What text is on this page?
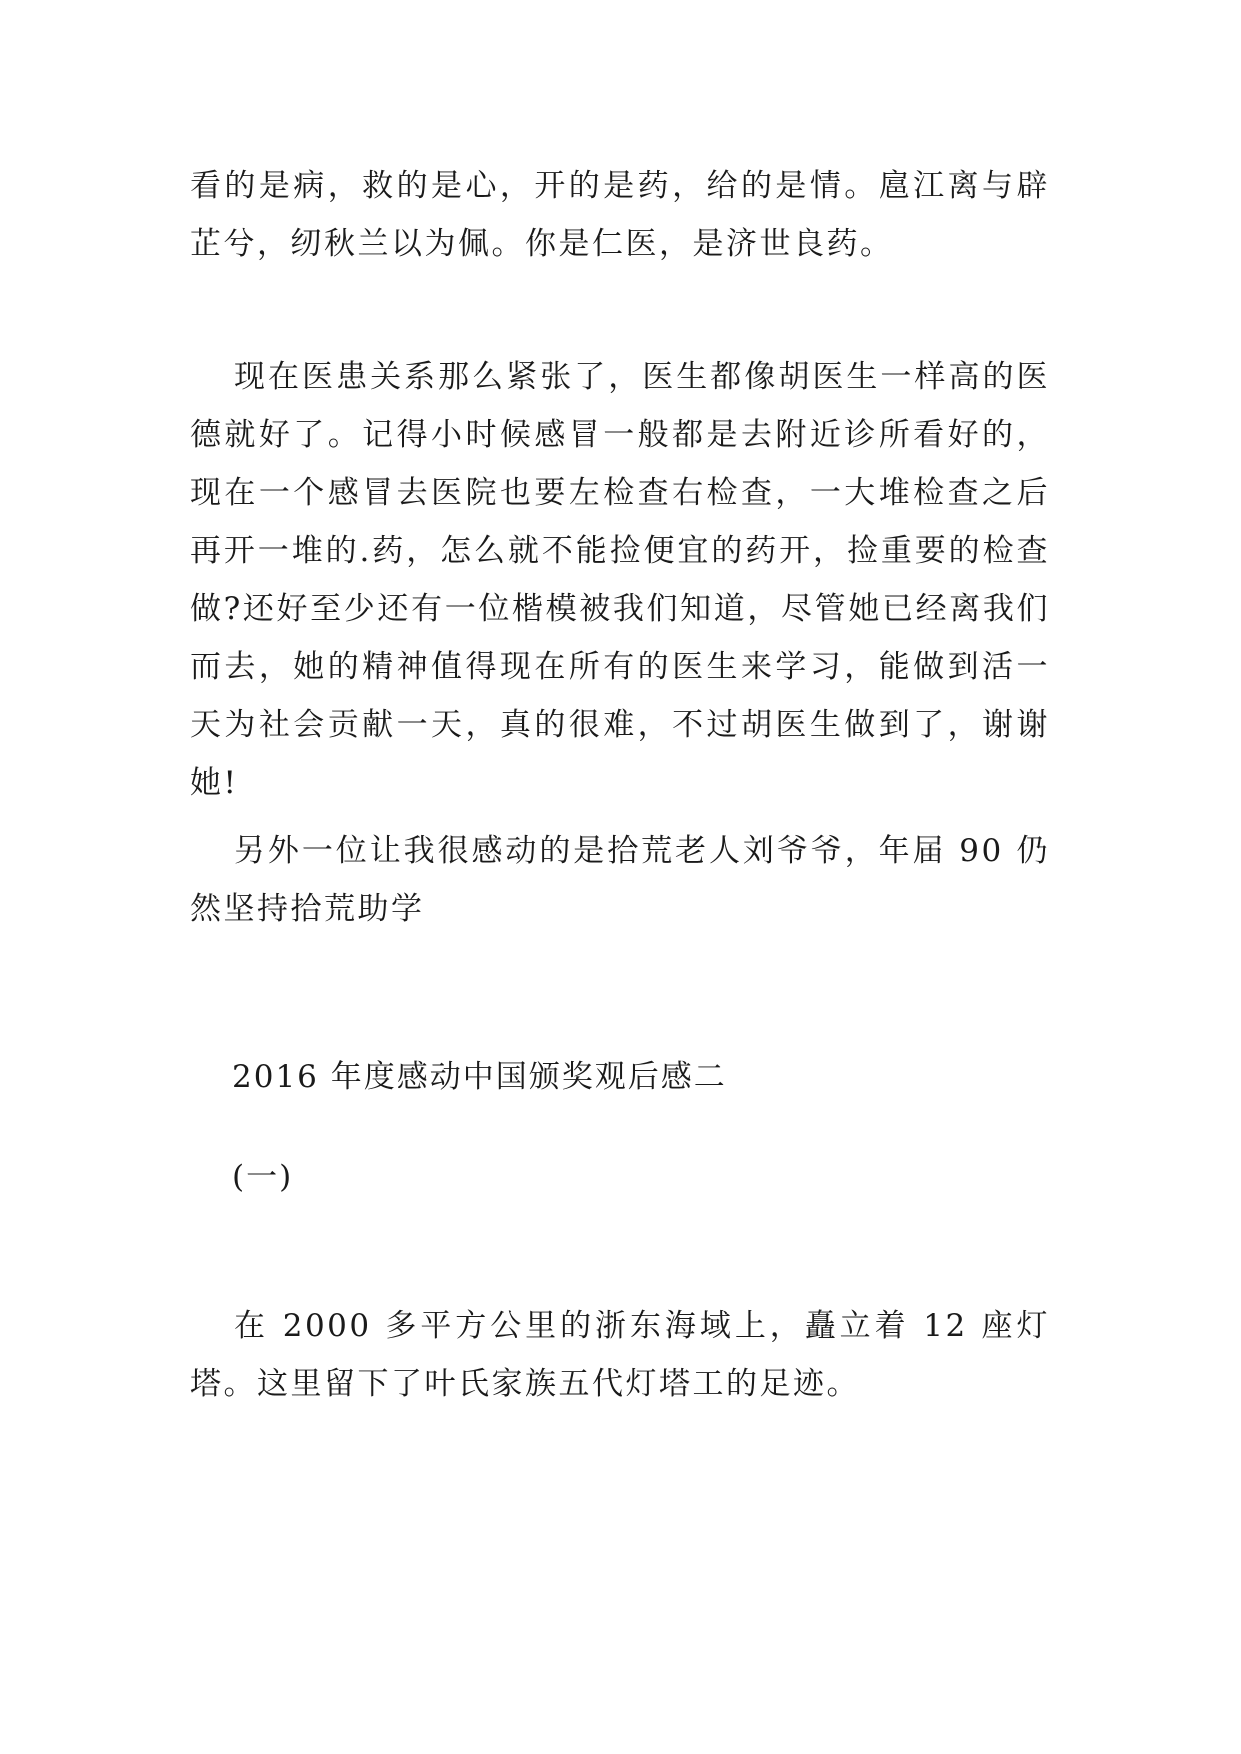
看的是病，救的是心，开的是药，给的是情。扈江离与辟芷兮，纫秋兰以为佩。你是仁医，是济世良药。

现在医患关系那么紧张了，医生都像胡医生一样高的医德就好了。记得小时候感冒一般都是去附近诊所看好的，现在一个感冒去医院也要左检查右检查，一大堆检查之后再开一堆的.药，怎么就不能捡便宜的药开，捡重要的检查做?还好至少还有一位楷模被我们知道，尽管她已经离我们而去，她的精神值得现在所有的医生来学习，能做到活一天为社会贡献一天，真的很难，不过胡医生做到了，谢谢她!

另外一位让我很感动的是拾荒老人刘爷爷，年届 90 仍然坚持拾荒助学

2016 年度感动中国颁奖观后感二

(一)

在 2000 多平方公里的浙东海域上，矗立着 12 座灯塔。这里留下了叶氏家族五代灯塔工的足迹。
